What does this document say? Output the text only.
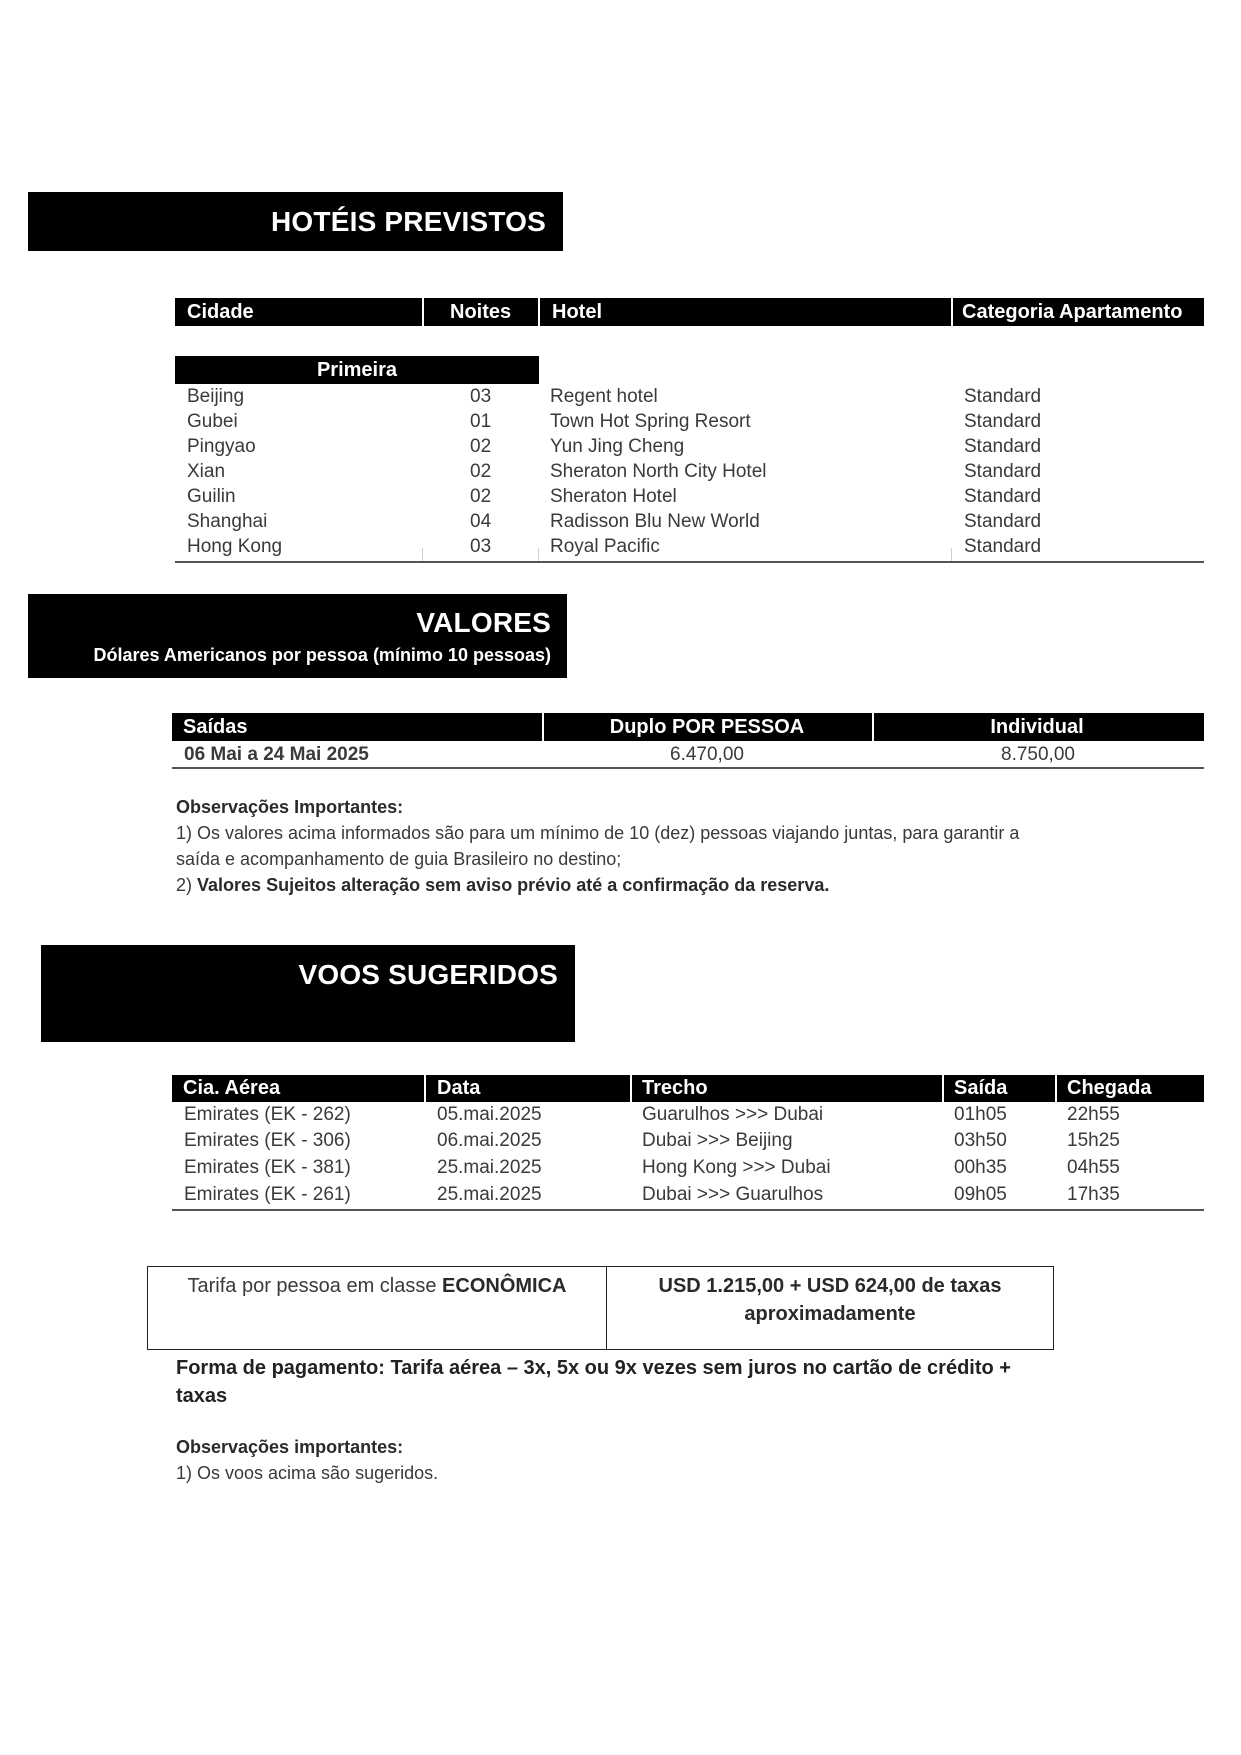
HOTÉIS PREVISTOS
Cidade	Noites Hotel	Categoria Apartamento
Primeira
Beijing	03	Regent hotel	Standard
Gubei	01	Town Hot Spring Resort	Standard
Pingyao	02	Yun Jing Cheng	Standard
Xian	02	Sheraton North City Hotel	Standard
Guilin	02	Sheraton Hotel	Standard
Shanghai	04	Radisson Blu New World	Standard
Hong Kong	03	Royal Pacific	Standard
VALORES
Dólares Americanos por pessoa (mínimo 10 pessoas)
Saídas	Duplo POR PESSOA	Individual
06 Mai a 24 Mai 2025	6.470,00	8.750,00
Observações Importantes:
1) Os valores acima informados são para um mínimo de 10 (dez) pessoas viajando juntas, para garantir a
saída e acompanhamento de guia Brasileiro no destino;
2) Valores Sujeitos alteração sem aviso prévio até a confirmação da reserva.
VOOS SUGERIDOS
Cia. Aérea	Data	Trecho	Saída	Chegada
Emirates (EK - 262)	05.mai.2025	Guarulhos >>> Dubai	01h05	22h55
Emirates (EK - 306)	06.mai.2025	Dubai >>> Beijing	03h50	15h25
Emirates (EK - 381)	25.mai.2025	Hong Kong >>> Dubai	00h35	04h55
Emirates (EK - 261)	25.mai.2025	Dubai >>> Guarulhos	09h05	17h35
Tarifa por pessoa em classe ECONÔMICA	USD 1.215,00 + USD 624,00 de taxas
aproximadamente
Forma de pagamento: Tarifa aérea – 3x, 5x ou 9x vezes sem juros no cartão de crédito +
taxas
Observações importantes:
1) Os voos acima são sugeridos.
